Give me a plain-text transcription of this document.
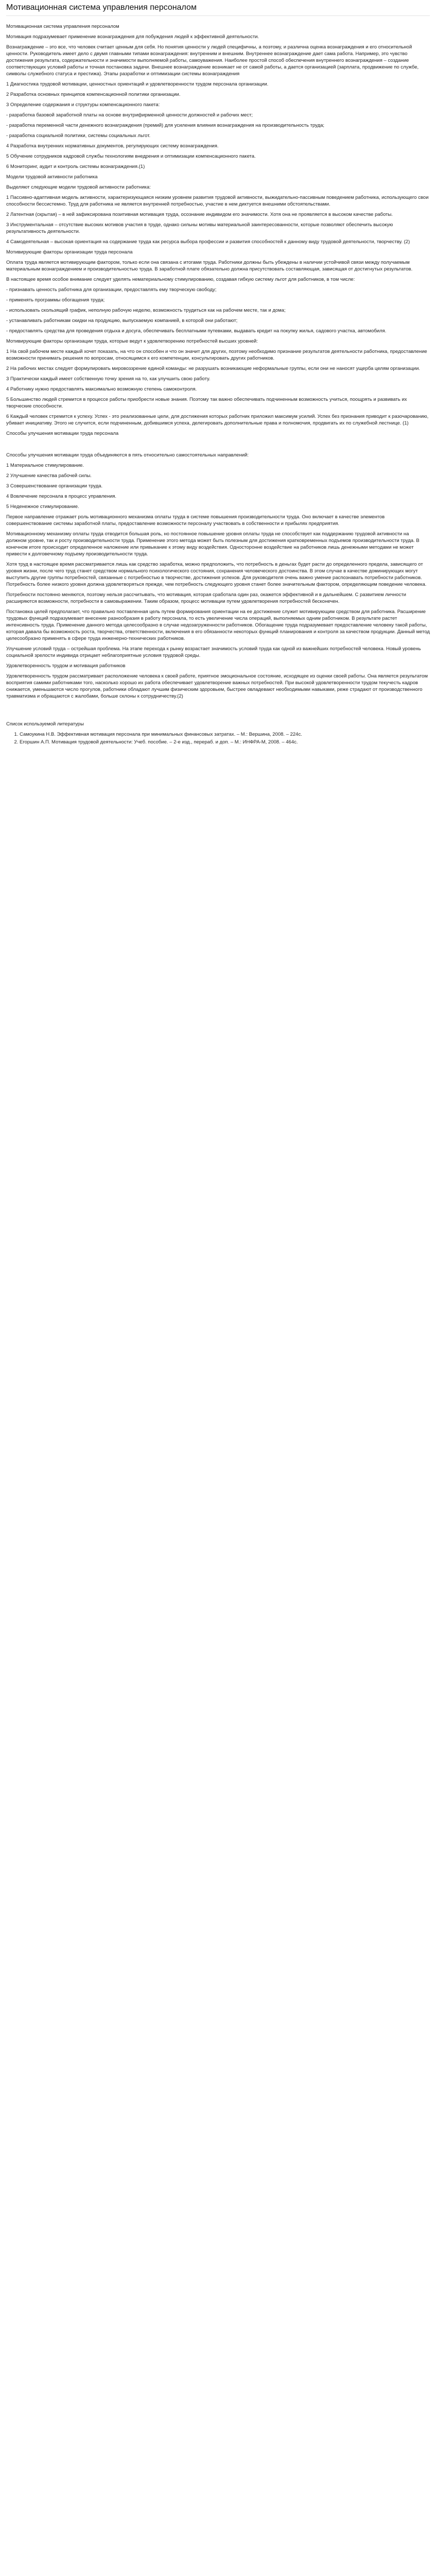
Мотивационная система управления персоналом

Мотивационная система управления персоналом

Мотивация подразумевает применение вознаграждения для побуждения людей к эффективной деятельности.

Вознаграждение – это все, что человек считает ценным для себя. Но понятия ценности у людей специфичны, а поэтому, и различна оценка вознаграждения и его относительной ценности. Руководитель имеет дело с двумя главными типами вознаграждения: внутренним и внешним. Внутреннее вознаграждение дает сама работа. Например, это чувство достижения результата, содержательности и значимости выполняемой работы, самоуважения. Наиболее простой способ обеспечения внутреннего вознаграждения – создание соответствующих условий работы и точная постановка задачи. Внешнее вознаграждение возникает не от самой работы, а дается организацией (зарплата, продвижение по службе, символы служебного статуса и престижа). Этапы разработки и оптимизации системы вознаграждения

1 Диагностика трудовой мотивации, ценностных ориентаций и удовлетворенности трудом персонала организации.

2 Разработка основных принципов компенсационной политики организации.

3 Определение содержания и структуры компенсационного пакета:

- разработка базовой заработной платы на основе внутрифирменной ценности должностей и рабочих мест;

- разработка переменной части денежного вознаграждения (премий) для усиления влияния вознаграждения на производительность труда;

- разработка социальной политики, системы социальных льгот.

4 Разработка внутренних нормативных документов, регулирующих систему вознаграждения.

5 Обучение сотрудников кадровой службы технологиям внедрения и оптимизации компенсационного пакета.

6 Мониторинг, аудит и контроль системы вознаграждения.(1)

Модели трудовой активности работника

Выделяют следующие модели трудовой активности работника:

1 Пассивно-адаптивная модель активности, характеризующаяся низким уровнем развития трудовой активности, выжидательно-пассивным поведением работника, использующего свои способности бессистемно. Труд для работника не является внутренней потребностью, участие в нем диктуется внешними обстоятельствами.

2 Латентная (скрытая) – в ней зафиксирована позитивная мотивация труда, осознание индивидом его значимости. Хотя она не проявляется в высоком качестве работы.

3 Инструментальная – отсутствие высоких мотивов участия в труде, однако сильны мотивы материальной заинтересованности, которые позволяют обеспечить высокую результативность деятельности.

4 Самодеятельная – высокая ориентация на содержание труда как ресурса выбора профессии и развития способностей к данному виду трудовой деятельности, творчеству. (2)

Мотивирующие факторы организации труда персонала

Оплата труда является мотивирующим фактором, только если она связана с итогами труда. Работники должны быть убеждены в наличии устойчивой связи между получаемым материальным вознаграждением и производительностью труда. В заработной плате обязательно должна присутствовать составляющая, зависящая от достигнутых результатов.

В настоящее время особое внимание следует уделять нематериальному стимулированию, создавая гибкую систему льгот для работников, в том числе:

- признавать ценность работника для организации, предоставлять ему творческую свободу;

- применять программы обогащения труда;

- использовать скользящий график, неполную рабочую неделю, возможность трудиться как на рабочем месте, так и дома;

- устанавливать работникам скидки на продукцию, выпускаемую компанией, в которой они работают;

- предоставлять средства для проведения отдыха и досуга, обеспечивать бесплатными путевками, выдавать кредит на покупку жилья, садового участка, автомобиля.

Мотивирующие факторы организации труда, которые ведут к удовлетворению потребностей высших уровней:

1 На свой рабочем месте каждый хочет показать, на что он способен и что он значит для других, поэтому необходимо признание результатов деятельности работника, предоставление возможности принимать решения по вопросам, относящимся к его компетенции, консультировать других работников.

2 На рабочих местах следует формулировать мировоззрение единой команды: не разрушать возникающие неформальные группы, если они не наносят ущерба целям организации.

3 Практически каждый имеет собственную точку зрения на то, как улучшить свою работу.

4 Работнику нужно предоставлять максимально возможную степень самоконтроля.

5 Большинство людей стремится в процессе работы приобрести новые знания. Поэтому так важно обеспечивать подчиненным возможность учиться, поощрять и развивать их творческие способности.

6 Каждый человек стремится к успеху. Успех - это реализованные цели, для достижения которых работник приложил максимум усилий. Успех без признания приводит к разочарованию, убивает инициативу. Этого не случится, если подчиненным, добившимся успеха, делегировать дополнительные права и полномочия, продвигать их по служебной лестнице. (1)

Способы улучшения мотивации труда персонала

Способы улучшения мотивации труда объединяются в пять относительно самостоятельных направлений:

1 Материальное стимулирование.

2 Улучшение качества рабочей силы.

3 Совершенствование организации труда.

4 Вовлечение персонала в процесс управления.

5 Неденежное стимулирование.

Первое направление отражает роль мотивационного механизма оплаты труда в системе повышения производительности труда. Оно включает в качестве элементов совершенствование системы заработной платы, предоставление возможности персоналу участвовать в собственности и прибылях предприятия.

Мотивационному механизму оплаты труда отводится большая роль, но постоянное повышение уровня оплаты труда не способствует как поддержанию трудовой активности на должном уровне, так и росту производительности труда. Применение этого метода может быть полезным для достижения кратковременных подъемов производительности труда. В конечном итоге происходит определенное наложение или привыкание к этому виду воздействия. Односторонне воздействие на работников лишь денежными методами не может привести к долговечному подъему производительности труда.

Хотя труд в настоящее время рассматривается лишь как средство заработка, можно предположить, что потребность в деньгах будет расти до определенного предела, зависящего от уровня жизни, после чего труд станет средством нормального психологического состояния, сохранения человеческого достоинства. В этом случае в качестве доминирующих могут выступить другие группы потребностей, связанные с потребностью в творчестве, достижения успехов. Для руководителя очень важно умение распознавать потребности работников. Потребность более низкого уровня должна удовлетворяться прежде, чем потребность следующего уровня станет более значительным фактором, определяющим поведение человека.

Потребности постоянно меняются, поэтому нельзя рассчитывать, что мотивация, которая сработала один раз, окажется эффективной и в дальнейшем. С развитием личности расширяются возможности, потребности в самовыражении. Таким образом, процесс мотивации путем удовлетворения потребностей бесконечен.

Постановка целей предполагает, что правильно поставленная цель путем формирования ориентации на ее достижение служит мотивирующим средством для работника. Расширение трудовых функций подразумевает внесение разнообразия в работу персонала, то есть увеличение числа операций, выполняемых одним работником. В результате растет интенсивность труда. Применение данного метода целесообразно в случае недозагруженности работников. Обогащение труда подразумевает предоставление человеку такой работы, которая давала бы возможность роста, творчества, ответственности, включения в его обязанности некоторых функций планирования и контроля за качеством продукции. Данный метод целесообразно применять в сфере труда инженерно-технических работников.

Улучшение условий труда – острейшая проблема. На этапе перехода к рынку возрастает значимость условий труда как одной из важнейших потребностей человека. Новый уровень социальной зрелости индивида отрицает неблагоприятные условия трудовой среды.

Удовлетворенность трудом и мотивация работников

Удовлетворенность трудом рассматривает расположение человека к своей работе, приятное эмоциональное состояние, исходящее из оценки своей работы. Она является результатом восприятия самими работниками того, насколько хорошо их работа обеспечивает удовлетворение важных потребностей. При высокой удовлетворенности трудом текучесть кадров снижается, уменьшаются число прогулов, работники обладают лучшим физическим здоровьем, быстрее овладевают необходимыми навыками, реже страдают от производственного травматизма и обращаются с жалобами, больше склоны к сотрудничеству.(2)

Список используемой литературы

1. Самоукина Н.В. Эффективная мотивация персонала при минимальных финансовых затратах. – М.: Вершина, 2008. – 224с.
2. Егоршин А.П. Мотивация трудовой деятельности: Учеб. пособие. – 2-е изд., перераб. и доп. – М.: ИНФРА-М, 2008. – 464с.
